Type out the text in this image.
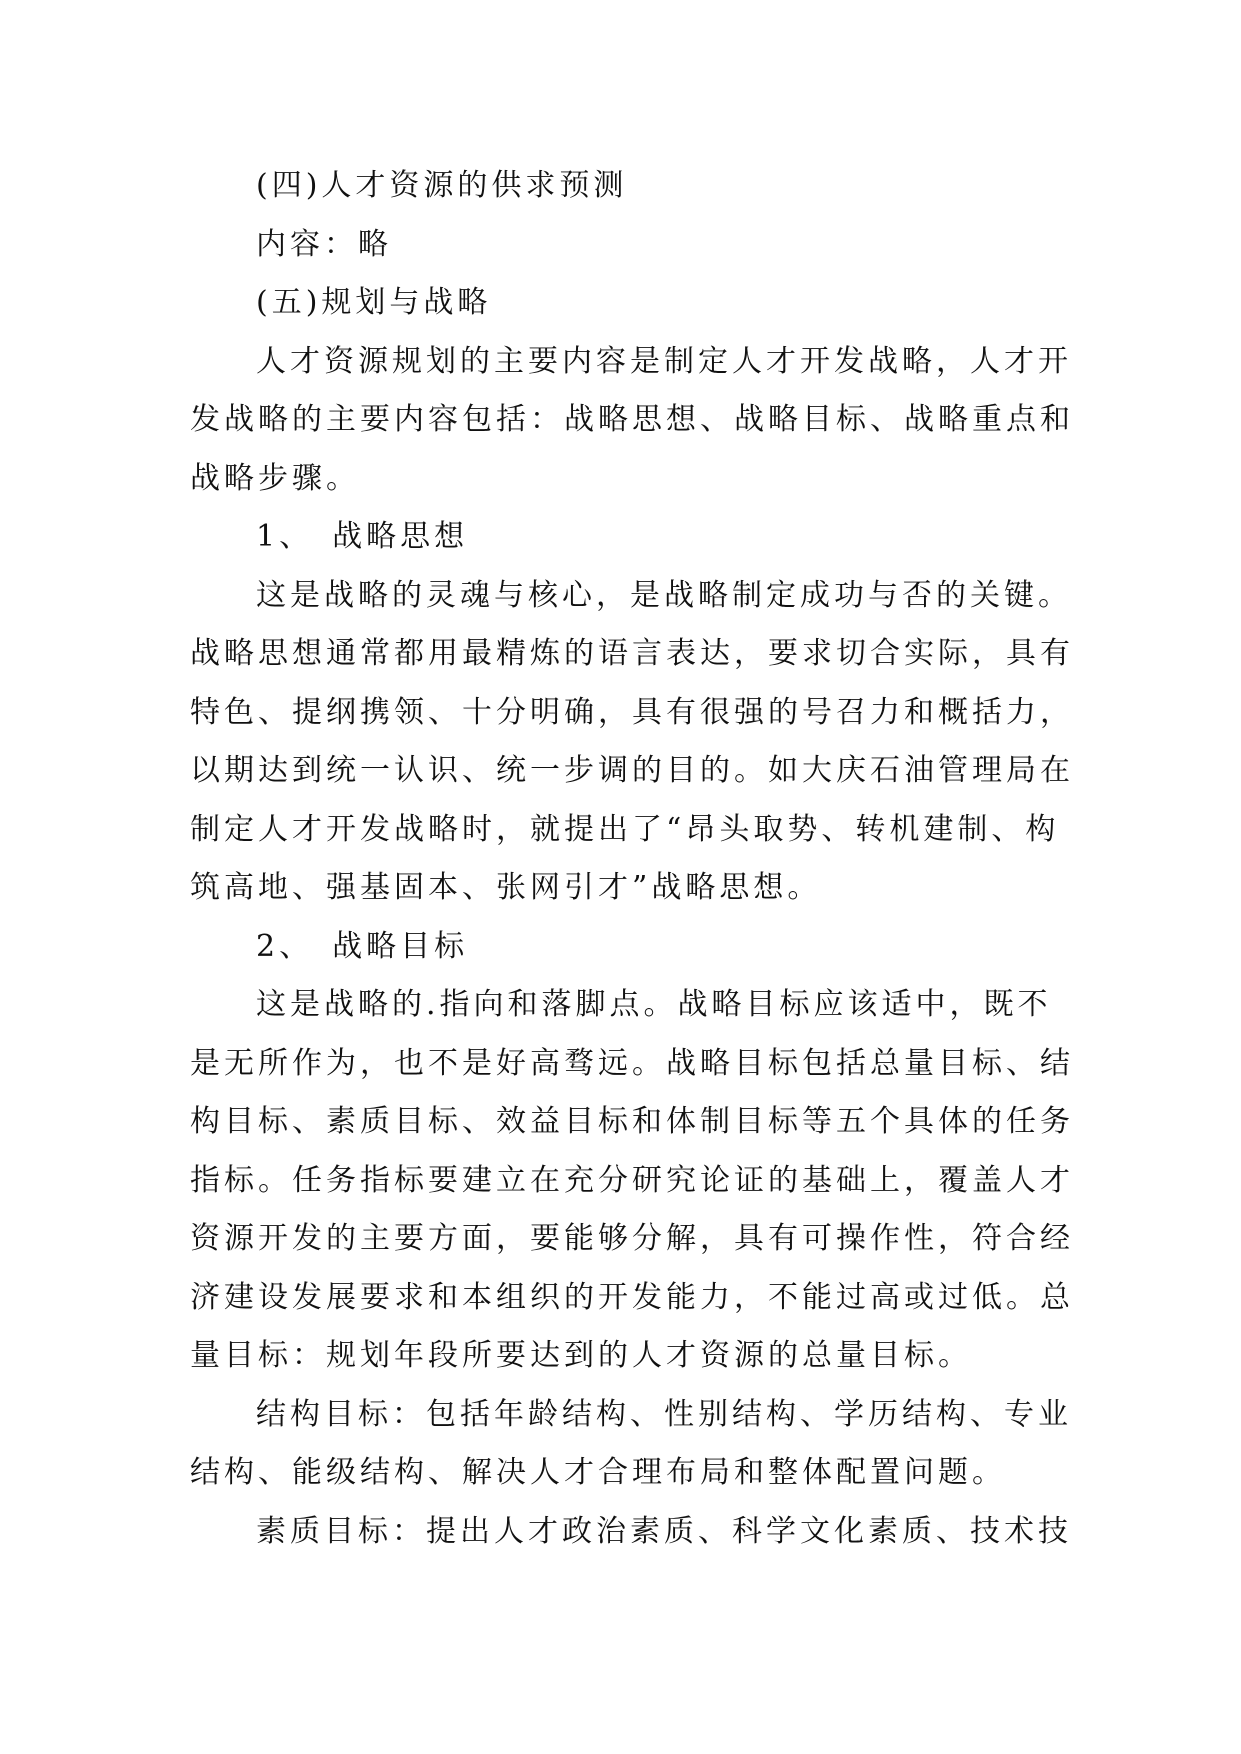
(四)人才资源的供求预测
内容：略
(五)规划与战略
人才资源规划的主要内容是制定人才开发战略，人才开
发战略的主要内容包括：战略思想、战略目标、战略重点和
战略步骤。
1、　战略思想
这是战略的灵魂与核心，是战略制定成功与否的关键。
战略思想通常都用最精炼的语言表达，要求切合实际，具有
特色、提纲携领、十分明确，具有很强的号召力和概括力，
以期达到统一认识、统一步调的目的。如大庆石油管理局在
制定人才开发战略时，就提出了“昂头取势、转机建制、构
筑高地、强基固本、张网引才”战略思想。
2、　战略目标
这是战略的.指向和落脚点。战略目标应该适中，既不
是无所作为，也不是好高骛远。战略目标包括总量目标、结
构目标、素质目标、效益目标和体制目标等五个具体的任务
指标。任务指标要建立在充分研究论证的基础上，覆盖人才
资源开发的主要方面，要能够分解，具有可操作性，符合经
济建设发展要求和本组织的开发能力，不能过高或过低。总
量目标：规划年段所要达到的人才资源的总量目标。
结构目标：包括年龄结构、性别结构、学历结构、专业
结构、能级结构、解决人才合理布局和整体配置问题。
素质目标：提出人才政治素质、科学文化素质、技术技
